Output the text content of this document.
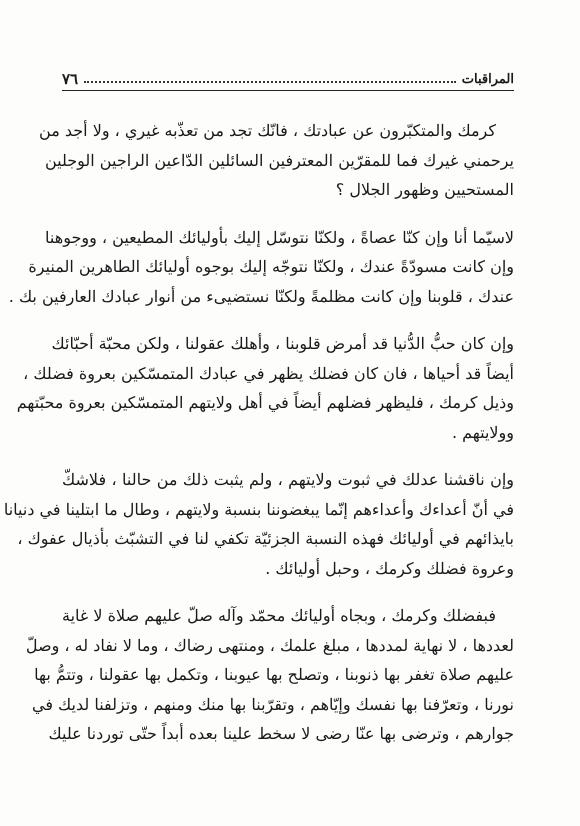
المراقبات
٧٦
كرمك والمتكبّرون عن عبادتك ، فانّك تجد من تعذّبه غيري ، ولا أجد من
يرحمني غيرك فما للمقرّين المعترفين السائلين الدّاعين الراجين الوجلين
المستحيين وظهور الجلال ؟
لاسيّما أنا وإن كنّا عصاةً ، ولكنّا نتوسّل إليك بأوليائك المطيعين ، ووجوهنا
وإن كانت مسودّةً عندك ، ولكنّا نتوجّه إليك بوجوه أوليائك الطاهرين المنيرة
عندك ، قلوبنا وإن كانت مظلمةً ولكنّا نستضيىء من أنوار عبادك العارفين بك .
وإن كان حبُّ الدُّنيا قد أمرض قلوبنا ، وأهلك عقولنا ، ولكن محبّة أحبّائك
أيضاً قد أحياها ، فان كان فضلك يظهر في عبادك المتمسّكين بعروة فضلك ،
وذيل كرمك ، فليظهر فضلهم أيضاً في أهل ولايتهم المتمسّكين بعروة محبّتهم
وولايتهم .
وإن ناقشنا عدلك في ثبوت ولايتهم ، ولم يثبت ذلك من حالنا ، فلاشكّ
في أنّ أعداءك وأعداءهم إنّما يبغضوننا بنسبة ولايتهم ، وطال ما ابتلينا في دنيانا
بايذائهم في أوليائك فهذه النسبة الجزئيّة تكفي لنا في التشبّث بأذيال عفوك ،
وعروة فضلك وكرمك ، وحبل أوليائك .
فبفضلك وكرمك ، وبجاه أوليائك محمّد وآله صلّ عليهم صلاة لا غاية
لعددها ، لا نهاية لمددها ، مبلغ علمك ، ومنتهى رضاك ، وما لا نفاد له ، وصلّ
عليهم صلاة تغفر بها ذنوبنا ، وتصلح بها عيوبنا ، وتكمل بها عقولنا ، وتتمُّ بها
نورنا ، وتعرّفنا بها نفسك وإيّاهم ، وتقرّبنا بها منك ومنهم ، وتزلفنا لديك في
جوارهم ، وترضى بها عنّا رضى لا سخط علينا بعده أبداً حتّى توردنا عليك
